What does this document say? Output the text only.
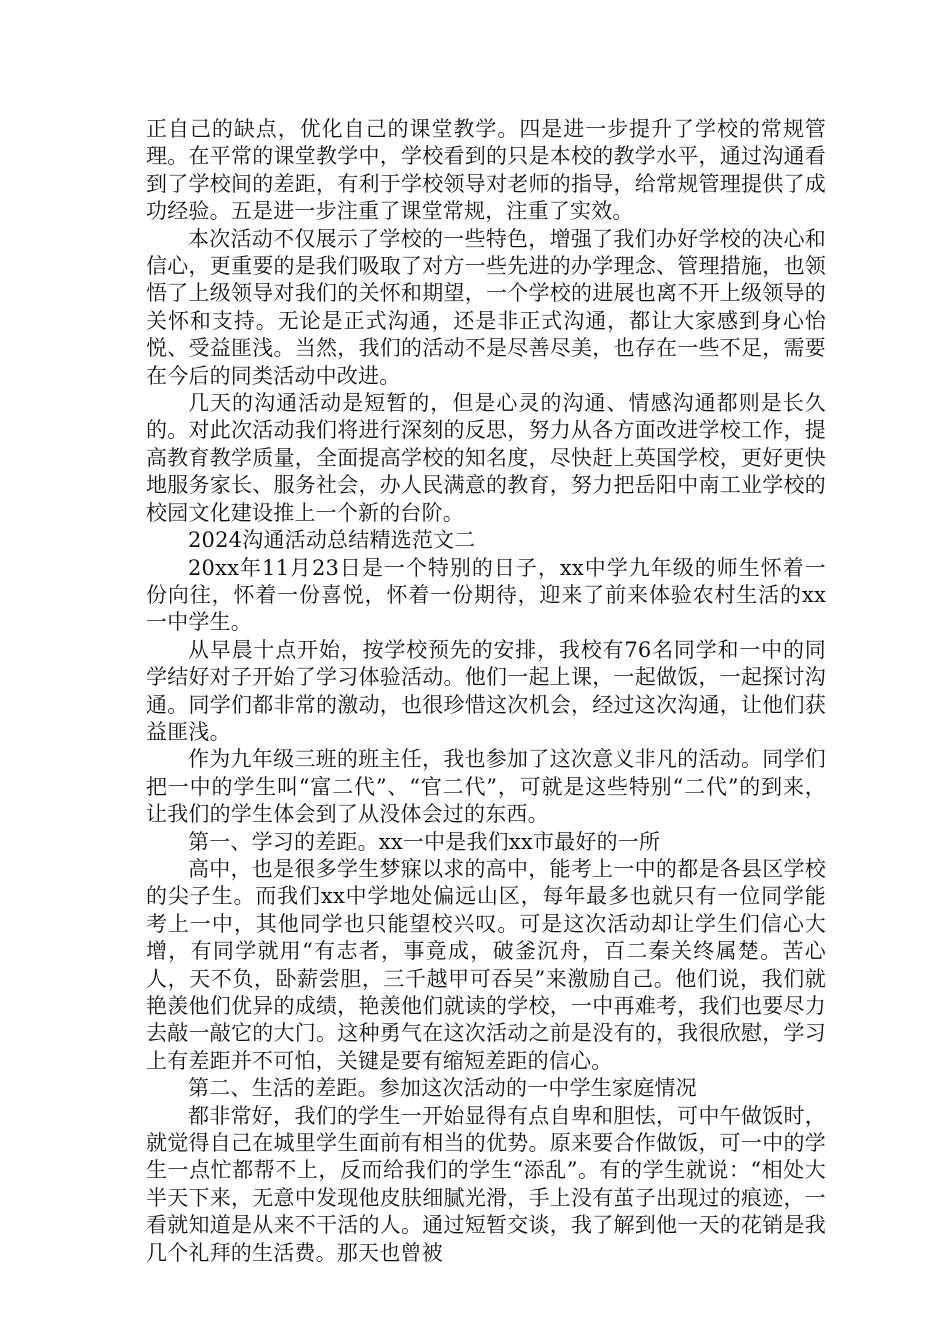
正自己的缺点，优化自己的课堂教学。四是进一步提升了学校的常规管理。在平常的课堂教学中，学校看到的只是本校的教学水平，通过沟通看到了学校间的差距，有利于学校领导对老师的指导，给常规管理提供了成功经验。五是进一步注重了课堂常规，注重了实效。

本次活动不仅展示了学校的一些特色，增强了我们办好学校的决心和信心，更重要的是我们吸取了对方一些先进的办学理念、管理措施，也领悟了上级领导对我们的关怀和期望，一个学校的进展也离不开上级领导的关怀和支持。无论是正式沟通，还是非正式沟通，都让大家感到身心怡悦、受益匪浅。当然，我们的活动不是尽善尽美，也存在一些不足，需要在今后的同类活动中改进。

几天的沟通活动是短暂的，但是心灵的沟通、情感沟通都则是长久的。对此次活动我们将进行深刻的反思，努力从各方面改进学校工作，提高教育教学质量，全面提高学校的知名度，尽快赶上英国学校，更好更快地服务家长、服务社会，办人民满意的教育，努力把岳阳中南工业学校的校园文化建设推上一个新的台阶。

2024沟通活动总结精选范文二

20xx年11月23日是一个特别的日子，xx中学九年级的师生怀着一份向往，怀着一份喜悦，怀着一份期待，迎来了前来体验农村生活的xx一中学生。

从早晨十点开始，按学校预先的安排，我校有76名同学和一中的同学结好对子开始了学习体验活动。他们一起上课，一起做饭，一起探讨沟通。同学们都非常的激动，也很珍惜这次机会，经过这次沟通，让他们获益匪浅。

作为九年级三班的班主任，我也参加了这次意义非凡的活动。同学们把一中的学生叫“富二代”、“官二代”，可就是这些特别“二代”的到来，让我们的学生体会到了从没体会过的东西。

第一、学习的差距。xx一中是我们xx市最好的一所

高中，也是很多学生梦寐以求的高中，能考上一中的都是各县区学校的尖子生。而我们xx中学地处偏远山区，每年最多也就只有一位同学能考上一中，其他同学也只能望校兴叹。可是这次活动却让学生们信心大增，有同学就用“有志者，事竟成，破釜沉舟，百二秦关终属楚。苦心人，天不负，卧薪尝胆，三千越甲可吞吴”来激励自己。他们说，我们就艳羡他们优异的成绩，艳羡他们就读的学校，一中再难考，我们也要尽力去敲一敲它的大门。这种勇气在这次活动之前是没有的，我很欣慰，学习上有差距并不可怕，关键是要有缩短差距的信心。

第二、生活的差距。参加这次活动的一中学生家庭情况

都非常好，我们的学生一开始显得有点自卑和胆怯，可中午做饭时，就觉得自己在城里学生面前有相当的优势。原来要合作做饭，可一中的学生一点忙都帮不上，反而给我们的学生“添乱”。有的学生就说：“相处大半天下来，无意中发现他皮肤细腻光滑，手上没有茧子出现过的痕迹，一看就知道是从来不干活的人。通过短暂交谈，我了解到他一天的花销是我几个礼拜的生活费。那天也曾被
